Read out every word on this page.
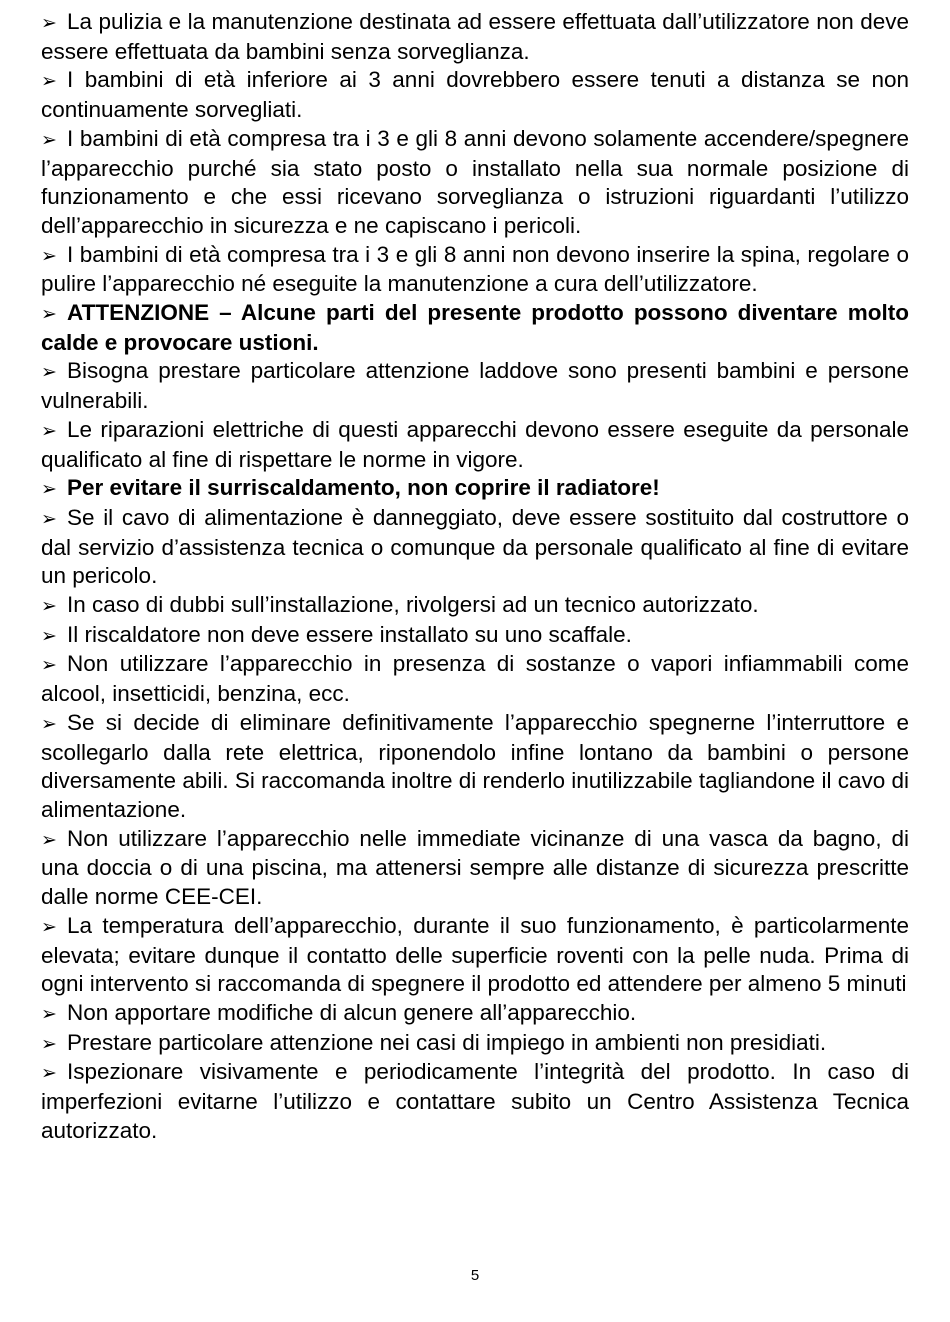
➢ La pulizia e la manutenzione destinata ad essere effettuata dall’utilizzatore non deve essere effettuata da bambini senza sorveglianza.

➢ I bambini di età inferiore ai 3 anni dovrebbero essere tenuti a distanza se non continuamente sorvegliati.

➢ I bambini di età compresa tra i 3 e gli 8 anni devono solamente accendere/spegnere l’apparecchio purché sia stato posto o installato nella sua normale posizione di funzionamento e che essi ricevano sorveglianza o istruzioni riguardanti l’utilizzo dell’apparecchio in sicurezza e ne capiscano i pericoli.

➢ I bambini di età compresa tra i 3 e gli 8 anni non devono inserire la spina, regolare o pulire l’apparecchio né eseguite la manutenzione a cura dell’utilizzatore.

➢ ATTENZIONE – Alcune parti del presente prodotto possono diventare molto calde e provocare ustioni.

➢ Bisogna prestare particolare attenzione laddove sono presenti bambini e persone vulnerabili.

➢ Le riparazioni elettriche di questi apparecchi devono essere eseguite da personale qualificato al fine di rispettare le norme in vigore.

➢ Per evitare il surriscaldamento, non coprire il radiatore!

➢ Se il cavo di alimentazione è danneggiato, deve essere sostituito dal costruttore o dal servizio d’assistenza tecnica o comunque da personale qualificato al fine di evitare un pericolo.

➢ In caso di dubbi sull’installazione, rivolgersi ad un tecnico autorizzato.

➢ Il riscaldatore non deve essere installato su uno scaffale.

➢ Non utilizzare l’apparecchio in presenza di sostanze o vapori infiammabili come alcool, insetticidi, benzina, ecc.

➢ Se si decide di eliminare definitivamente l’apparecchio spegnerne l’interruttore e scollegarlo dalla rete elettrica, riponendolo infine lontano da bambini o persone diversamente abili. Si raccomanda inoltre di renderlo inutilizzabile tagliandone il cavo di alimentazione.

➢ Non utilizzare l’apparecchio nelle immediate vicinanze di una vasca da bagno, di una doccia o di una piscina, ma attenersi sempre alle distanze di sicurezza prescritte dalle norme CEE-CEI.

➢ La temperatura dell’apparecchio, durante il suo funzionamento, è particolarmente elevata; evitare dunque il contatto delle superficie roventi con la pelle nuda. Prima di ogni intervento si raccomanda di spegnere il prodotto ed attendere per almeno 5 minuti

➢ Non apportare modifiche di alcun genere all’apparecchio.

➢ Prestare particolare attenzione nei casi di impiego in ambienti non presidiati.

➢ Ispezionare visivamente e periodicamente l’integrità del prodotto. In caso di imperfezioni evitarne l’utilizzo e contattare subito un Centro Assistenza Tecnica autorizzato.

5
